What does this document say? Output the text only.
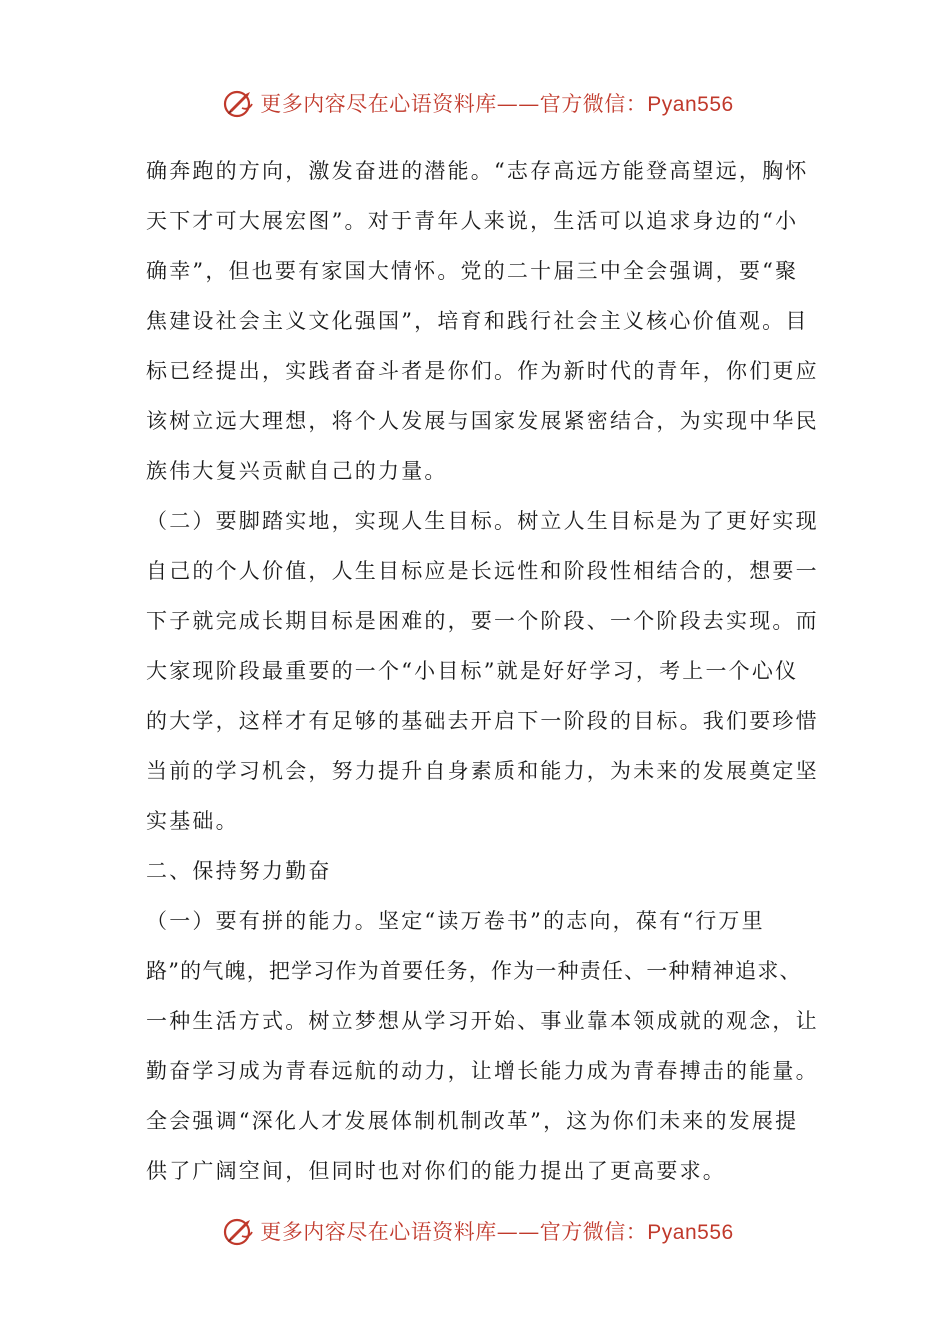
更多内容尽在心语资料库——官方微信：Pyan556
确奔跑的方向，激发奋进的潜能。“志存高远方能登高望远，胸怀
天下才可大展宏图”。对于青年人来说，生活可以追求身边的“小
确幸”，但也要有家国大情怀。党的二十届三中全会强调，要“聚
焦建设社会主义文化强国”，培育和践行社会主义核心价值观。目
标已经提出，实践者奋斗者是你们。作为新时代的青年，你们更应
该树立远大理想，将个人发展与国家发展紧密结合，为实现中华民
族伟大复兴贡献自己的力量。
（二）要脚踏实地，实现人生目标。树立人生目标是为了更好实现
自己的个人价值，人生目标应是长远性和阶段性相结合的，想要一
下子就完成长期目标是困难的，要一个阶段、一个阶段去实现。而
大家现阶段最重要的一个“小目标”就是好好学习，考上一个心仪
的大学，这样才有足够的基础去开启下一阶段的目标。我们要珍惜
当前的学习机会，努力提升自身素质和能力，为未来的发展奠定坚
实基础。
二、保持努力勤奋
（一）要有拼的能力。坚定“读万卷书”的志向，葆有“行万里
路”的气魄，把学习作为首要任务，作为一种责任、一种精神追求、
一种生活方式。树立梦想从学习开始、事业靠本领成就的观念，让
勤奋学习成为青春远航的动力，让增长能力成为青春搏击的能量。
全会强调“深化人才发展体制机制改革”，这为你们未来的发展提
供了广阔空间，但同时也对你们的能力提出了更高要求。
更多内容尽在心语资料库——官方微信：Pyan556
